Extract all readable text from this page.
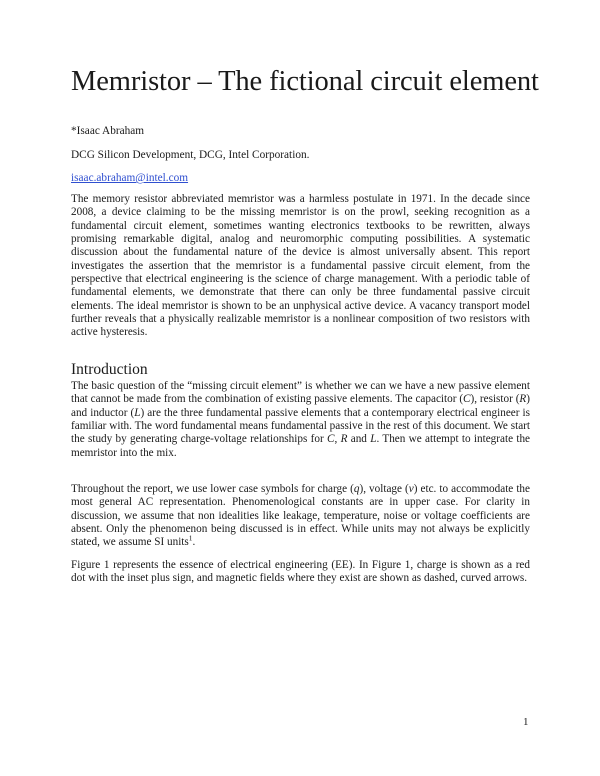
Memristor – The fictional circuit element

*Isaac Abraham

DCG Silicon Development, DCG, Intel Corporation.

isaac.abraham@intel.com

The memory resistor abbreviated memristor was a harmless postulate in 1971. In the decade since 2008, a device claiming to be the missing memristor is on the prowl, seeking recognition as a fundamental circuit element, sometimes wanting electronics textbooks to be rewritten, always promising remarkable digital, analog and neuromorphic computing possibilities. A systematic discussion about the fundamental nature of the device is almost universally absent. This report investigates the assertion that the memristor is a fundamental passive circuit element, from the perspective that electrical engineering is the science of charge management. With a periodic table of fundamental elements, we demonstrate that there can only be three fundamental passive circuit elements. The ideal memristor is shown to be an unphysical active device. A vacancy transport model further reveals that a physically realizable memristor is a nonlinear composition of two resistors with active hysteresis.

Introduction

The basic question of the “missing circuit element” is whether we can we have a new passive element that cannot be made from the combination of existing passive elements. The capacitor (C), resistor (R) and inductor (L) are the three fundamental passive elements that a contemporary electrical engineer is familiar with. The word fundamental means fundamental passive in the rest of this document. We start the study by generating charge-voltage relationships for C, R and L. Then we attempt to integrate the memristor into the mix.

Throughout the report, we use lower case symbols for charge (q), voltage (v) etc. to accommodate the most general AC representation. Phenomenological constants are in upper case. For clarity in discussion, we assume that non idealities like leakage, temperature, noise or voltage coefficients are absent. Only the phenomenon being discussed is in effect. While units may not always be explicitly stated, we assume SI units$^1$.

Figure 1 represents the essence of electrical engineering (EE). In Figure 1, charge is shown as a red dot with the inset plus sign, and magnetic fields where they exist are shown as dashed, curved arrows.

1
